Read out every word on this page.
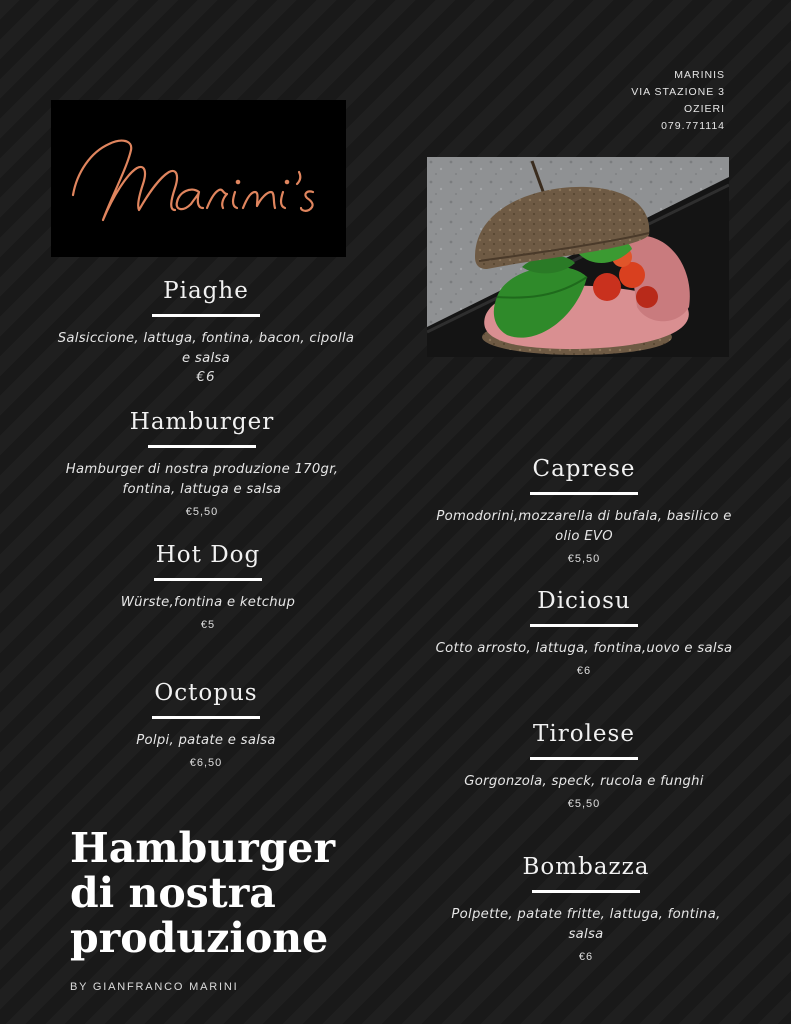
MARINIS
VIA STAZIONE 3
OZIERI
079.771114
Piaghe
Salsiccione, lattuga, fontina, bacon, cipolla
e salsa
€6
Hamburger
Hamburger di nostra produzione 170gr,
fontina, lattuga e salsa
€5,50
Hot Dog
Würste,fontina e ketchup
€5
Octopus
Polpi, patate e salsa
€6,50
Caprese
Pomodorini,mozzarella di bufala, basilico e
olio EVO
€5,50
Diciosu
Cotto arrosto, lattuga, fontina,uovo e salsa
€6
Tirolese
Gorgonzola, speck, rucola e funghi
€5,50
Bombazza
Polpette, patate fritte, lattuga, fontina,
salsa
€6
Hamburger
di nostra
produzione
BY GIANFRANCO MARINI
